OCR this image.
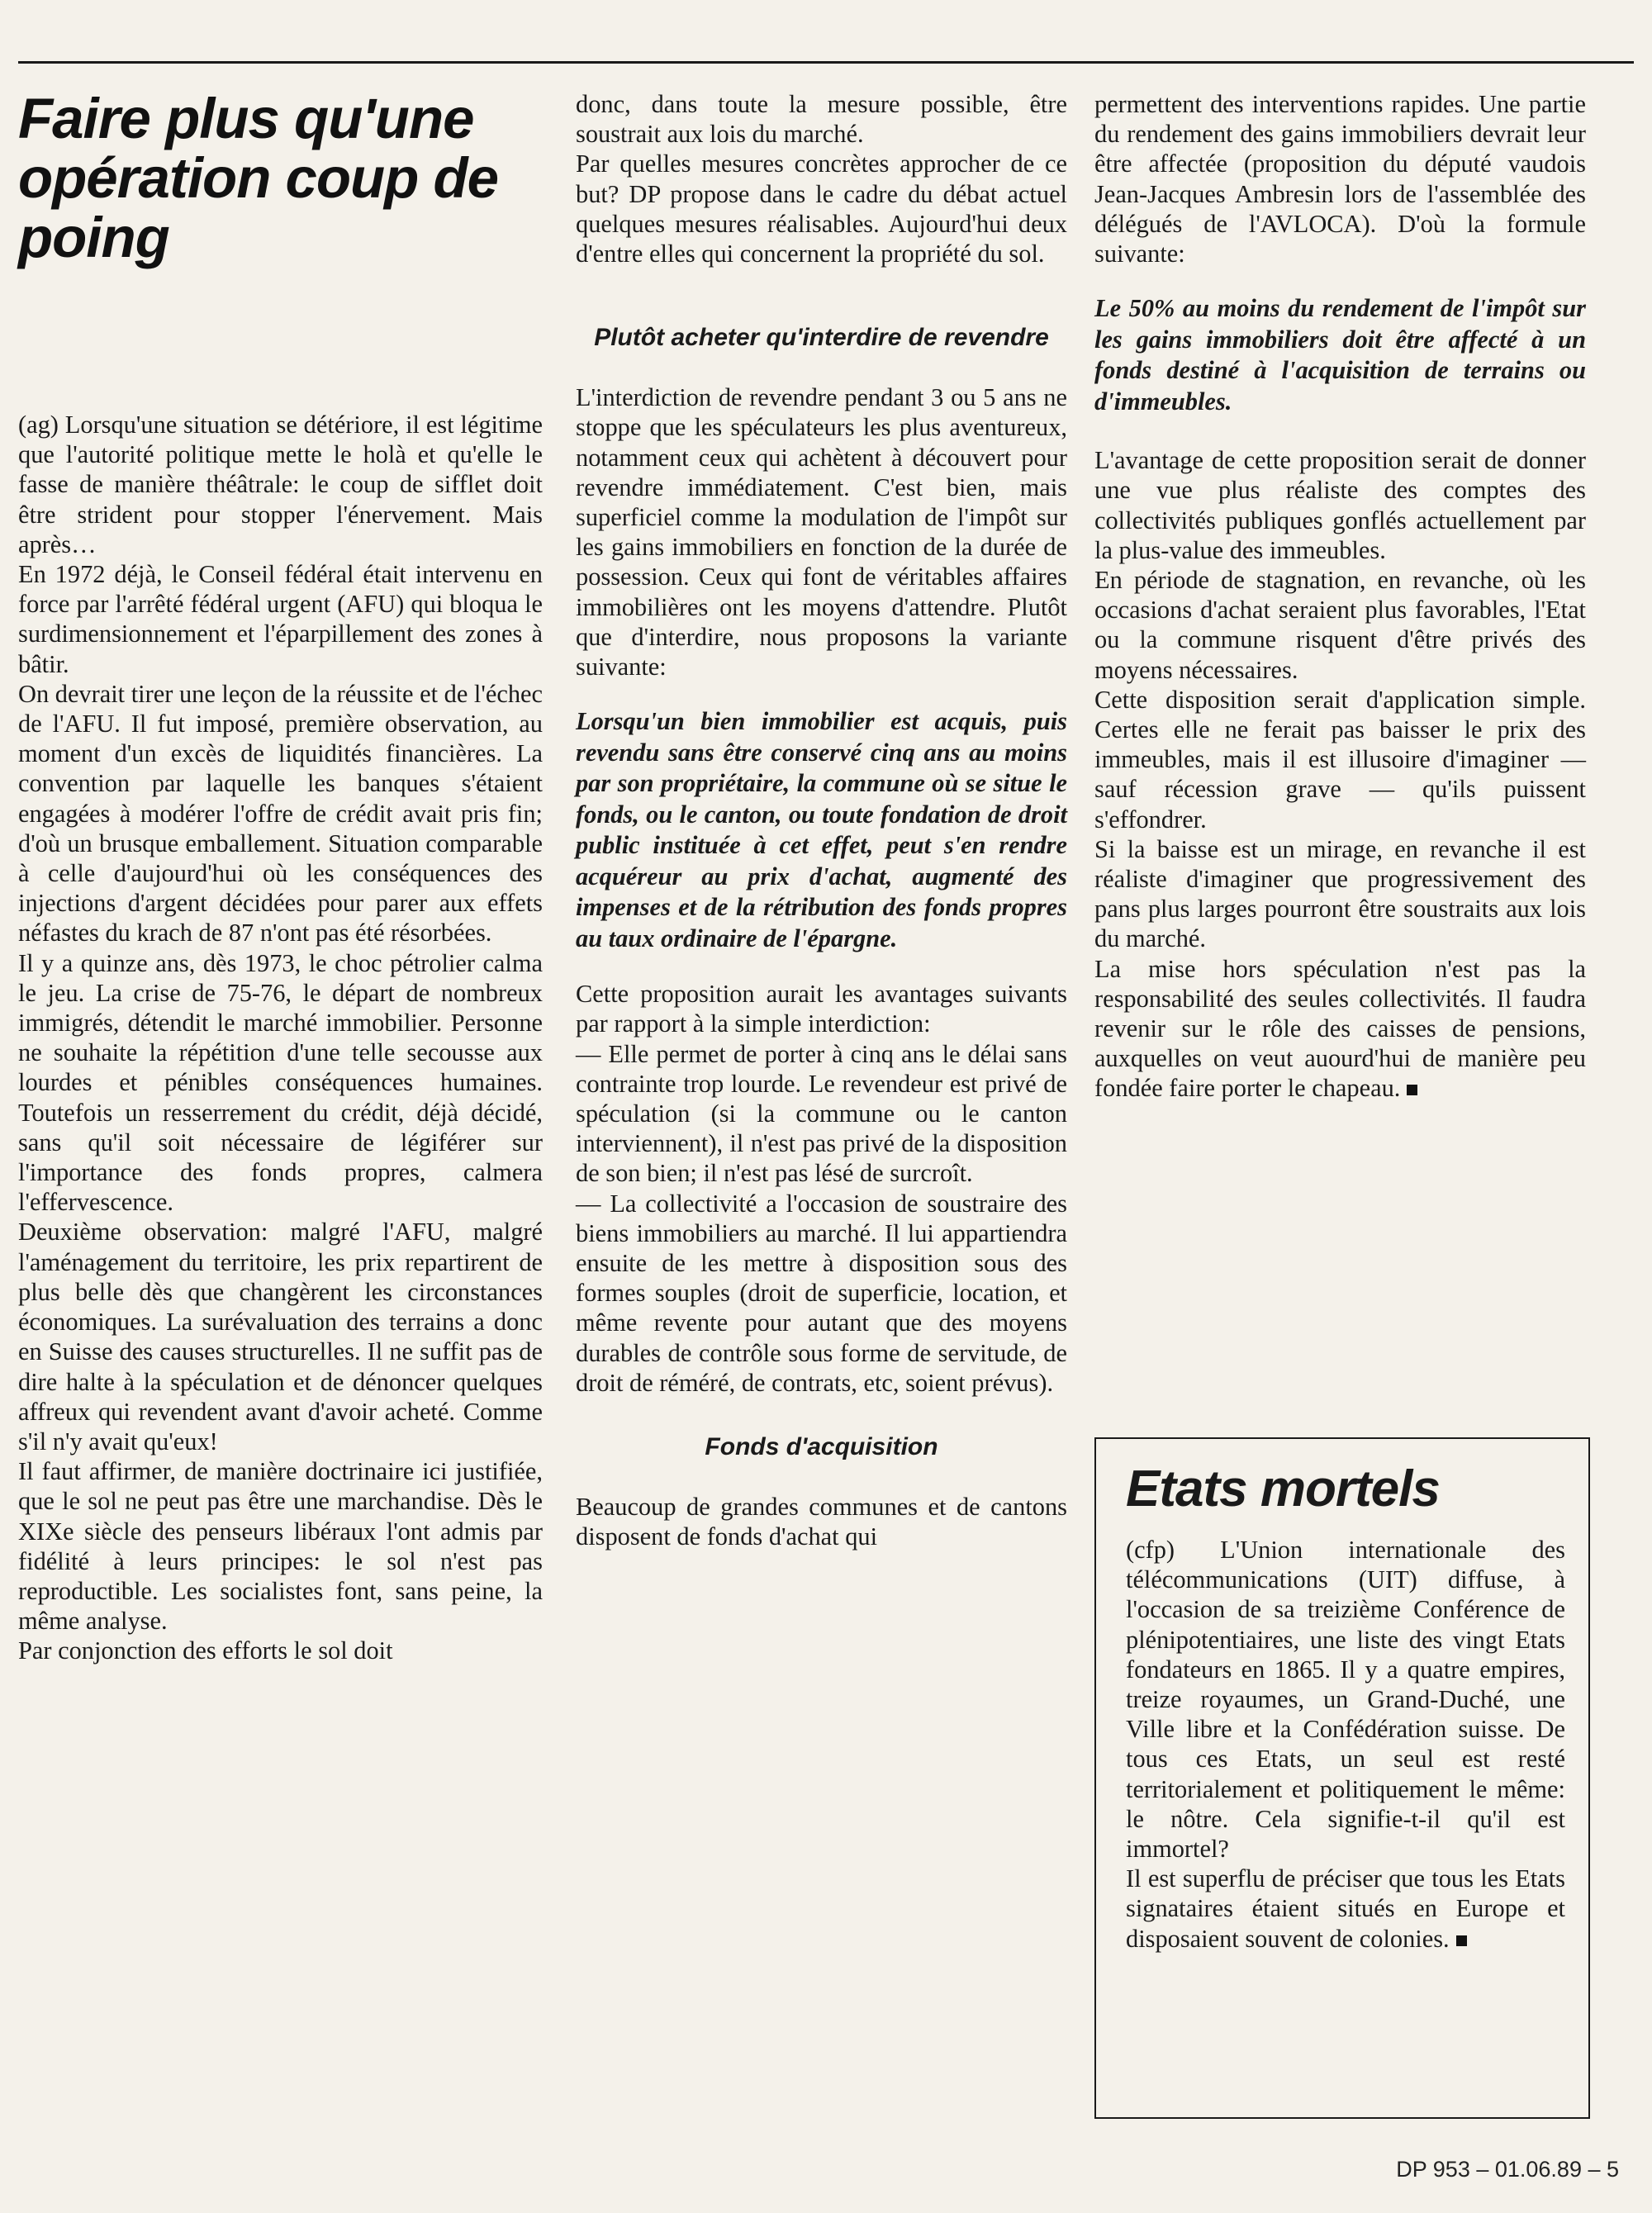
Faire plus qu'une opération coup de poing

(ag) Lorsqu'une situation se détériore, il est légitime que l'autorité politique mette le holà et qu'elle le fasse de manière théâtrale: le coup de sifflet doit être strident pour stopper l'énervement. Mais après…

En 1972 déjà, le Conseil fédéral était intervenu en force par l'arrêté fédéral urgent (AFU) qui bloqua le surdimensionnement et l'éparpillement des zones à bâtir.

On devrait tirer une leçon de la réussite et de l'échec de l'AFU. Il fut imposé, première observation, au moment d'un excès de liquidités financières. La convention par laquelle les banques s'étaient engagées à modérer l'offre de crédit avait pris fin; d'où un brusque emballement. Situation comparable à celle d'aujourd'hui où les conséquences des injections d'argent décidées pour parer aux effets néfastes du krach de 87 n'ont pas été résorbées.

Il y a quinze ans, dès 1973, le choc pétrolier calma le jeu. La crise de 75-76, le départ de nombreux immigrés, détendit le marché immobilier. Personne ne souhaite la répétition d'une telle secousse aux lourdes et pénibles conséquences humaines. Toutefois un resserrement du crédit, déjà décidé, sans qu'il soit nécessaire de légiférer sur l'importance des fonds propres, calmera l'effervescence.

Deuxième observation: malgré l'AFU, malgré l'aménagement du territoire, les prix repartirent de plus belle dès que changèrent les circonstances économiques. La surévaluation des terrains a donc en Suisse des causes structurelles. Il ne suffit pas de dire halte à la spéculation et de dénoncer quelques affreux qui revendent avant d'avoir acheté. Comme s'il n'y avait qu'eux!

Il faut affirmer, de manière doctrinaire ici justifiée, que le sol ne peut pas être une marchandise. Dès le XIXe siècle des penseurs libéraux l'ont admis par fidélité à leurs principes: le sol n'est pas reproductible. Les socialistes font, sans peine, la même analyse.

Par conjonction des efforts le sol doit

donc, dans toute la mesure possible, être soustrait aux lois du marché.

Par quelles mesures concrètes approcher de ce but? DP propose dans le cadre du débat actuel quelques mesures réalisables. Aujourd'hui deux d'entre elles qui concernent la propriété du sol.

Plutôt acheter qu'interdire de revendre

L'interdiction de revendre pendant 3 ou 5 ans ne stoppe que les spéculateurs les plus aventureux, notamment ceux qui achètent à découvert pour revendre immédiatement. C'est bien, mais superficiel comme la modulation de l'impôt sur les gains immobiliers en fonction de la durée de possession. Ceux qui font de véritables affaires immobilières ont les moyens d'attendre. Plutôt que d'interdire, nous proposons la variante suivante:

Lorsqu'un bien immobilier est acquis, puis revendu sans être conservé cinq ans au moins par son propriétaire, la commune où se situe le fonds, ou le canton, ou toute fondation de droit public instituée à cet effet, peut s'en rendre acquéreur au prix d'achat, augmenté des impenses et de la rétribution des fonds propres au taux ordinaire de l'épargne.

Cette proposition aurait les avantages suivants par rapport à la simple interdiction:

— Elle permet de porter à cinq ans le délai sans contrainte trop lourde. Le revendeur est privé de spéculation (si la commune ou le canton interviennent), il n'est pas privé de la disposition de son bien; il n'est pas lésé de surcroît.

— La collectivité a l'occasion de soustraire des biens immobiliers au marché. Il lui appartiendra ensuite de les mettre à disposition sous des formes souples (droit de superficie, location, et même revente pour autant que des moyens durables de contrôle sous forme de servitude, de droit de réméré, de contrats, etc, soient prévus).

Fonds d'acquisition

Beaucoup de grandes communes et de cantons disposent de fonds d'achat qui

permettent des interventions rapides. Une partie du rendement des gains immobiliers devrait leur être affectée (proposition du député vaudois Jean-Jacques Ambresin lors de l'assemblée des délégués de l'AVLOCA). D'où la formule suivante:

Le 50% au moins du rendement de l'impôt sur les gains immobiliers doit être affecté à un fonds destiné à l'acquisition de terrains ou d'immeubles.

L'avantage de cette proposition serait de donner une vue plus réaliste des comptes des collectivités publiques gonflés actuellement par la plus-value des immeubles.

En période de stagnation, en revanche, où les occasions d'achat seraient plus favorables, l'Etat ou la commune risquent d'être privés des moyens nécessaires.

Cette disposition serait d'application simple. Certes elle ne ferait pas baisser le prix des immeubles, mais il est illusoire d'imaginer — sauf récession grave — qu'ils puissent s'effondrer.

Si la baisse est un mirage, en revanche il est réaliste d'imaginer que progressivement des pans plus larges pourront être soustraits aux lois du marché.

La mise hors spéculation n'est pas la responsabilité des seules collectivités. Il faudra revenir sur le rôle des caisses de pensions, auxquelles on veut auourd'hui de manière peu fondée faire porter le chapeau.

Etats mortels

(cfp) L'Union internationale des télécommunications (UIT) diffuse, à l'occasion de sa treizième Conférence de plénipotentiaires, une liste des vingt Etats fondateurs en 1865. Il y a quatre empires, treize royaumes, un Grand-Duché, une Ville libre et la Confédération suisse. De tous ces Etats, un seul est resté territorialement et politiquement le même: le nôtre. Cela signifie-t-il qu'il est immortel?

Il est superflu de préciser que tous les Etats signataires étaient situés en Europe et disposaient souvent de colonies.

DP 953 – 01.06.89 – 5
